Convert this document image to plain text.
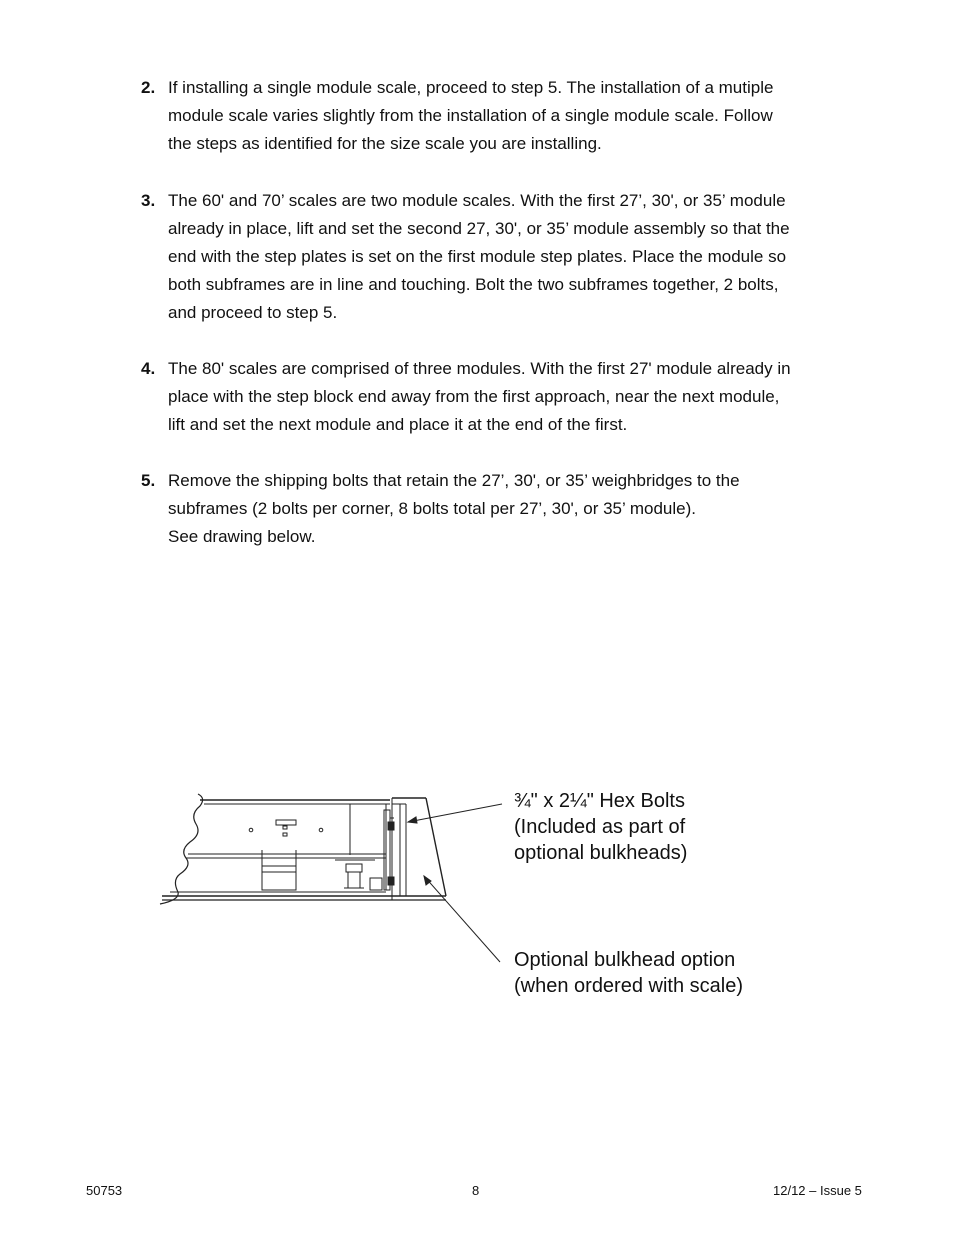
2. If installing a single module scale, proceed to step 5. The installation of a mutiple
module scale varies slightly from the installation of a single module scale. Follow
the steps as identified for the size scale you are installing.
3. The 60' and 70’ scales are two module scales. With the first 27’, 30', or 35’ module
already in place, lift and set the second 27, 30', or 35’ module assembly so that the
end with the step plates is set on the first module step plates. Place the module so
both subframes are in line and touching. Bolt the two subframes together, 2 bolts,
and proceed to step 5.
4. The 80' scales are comprised of three modules. With the first 27' module already in
place with the step block end away from the first approach, near the next module,
lift and set the next module and place it at the end of the first.
5. Remove the shipping bolts that retain the 27’, 30', or 35’ weighbridges to the
subframes (2 bolts per corner, 8 bolts total per 27’, 30', or 35’ module).
See drawing below.
¾" x 2¼" Hex Bolts
(Included as part of
optional bulkheads)
Optional bulkhead option
(when ordered with scale)
50753	8	12/12 – Issue 5
